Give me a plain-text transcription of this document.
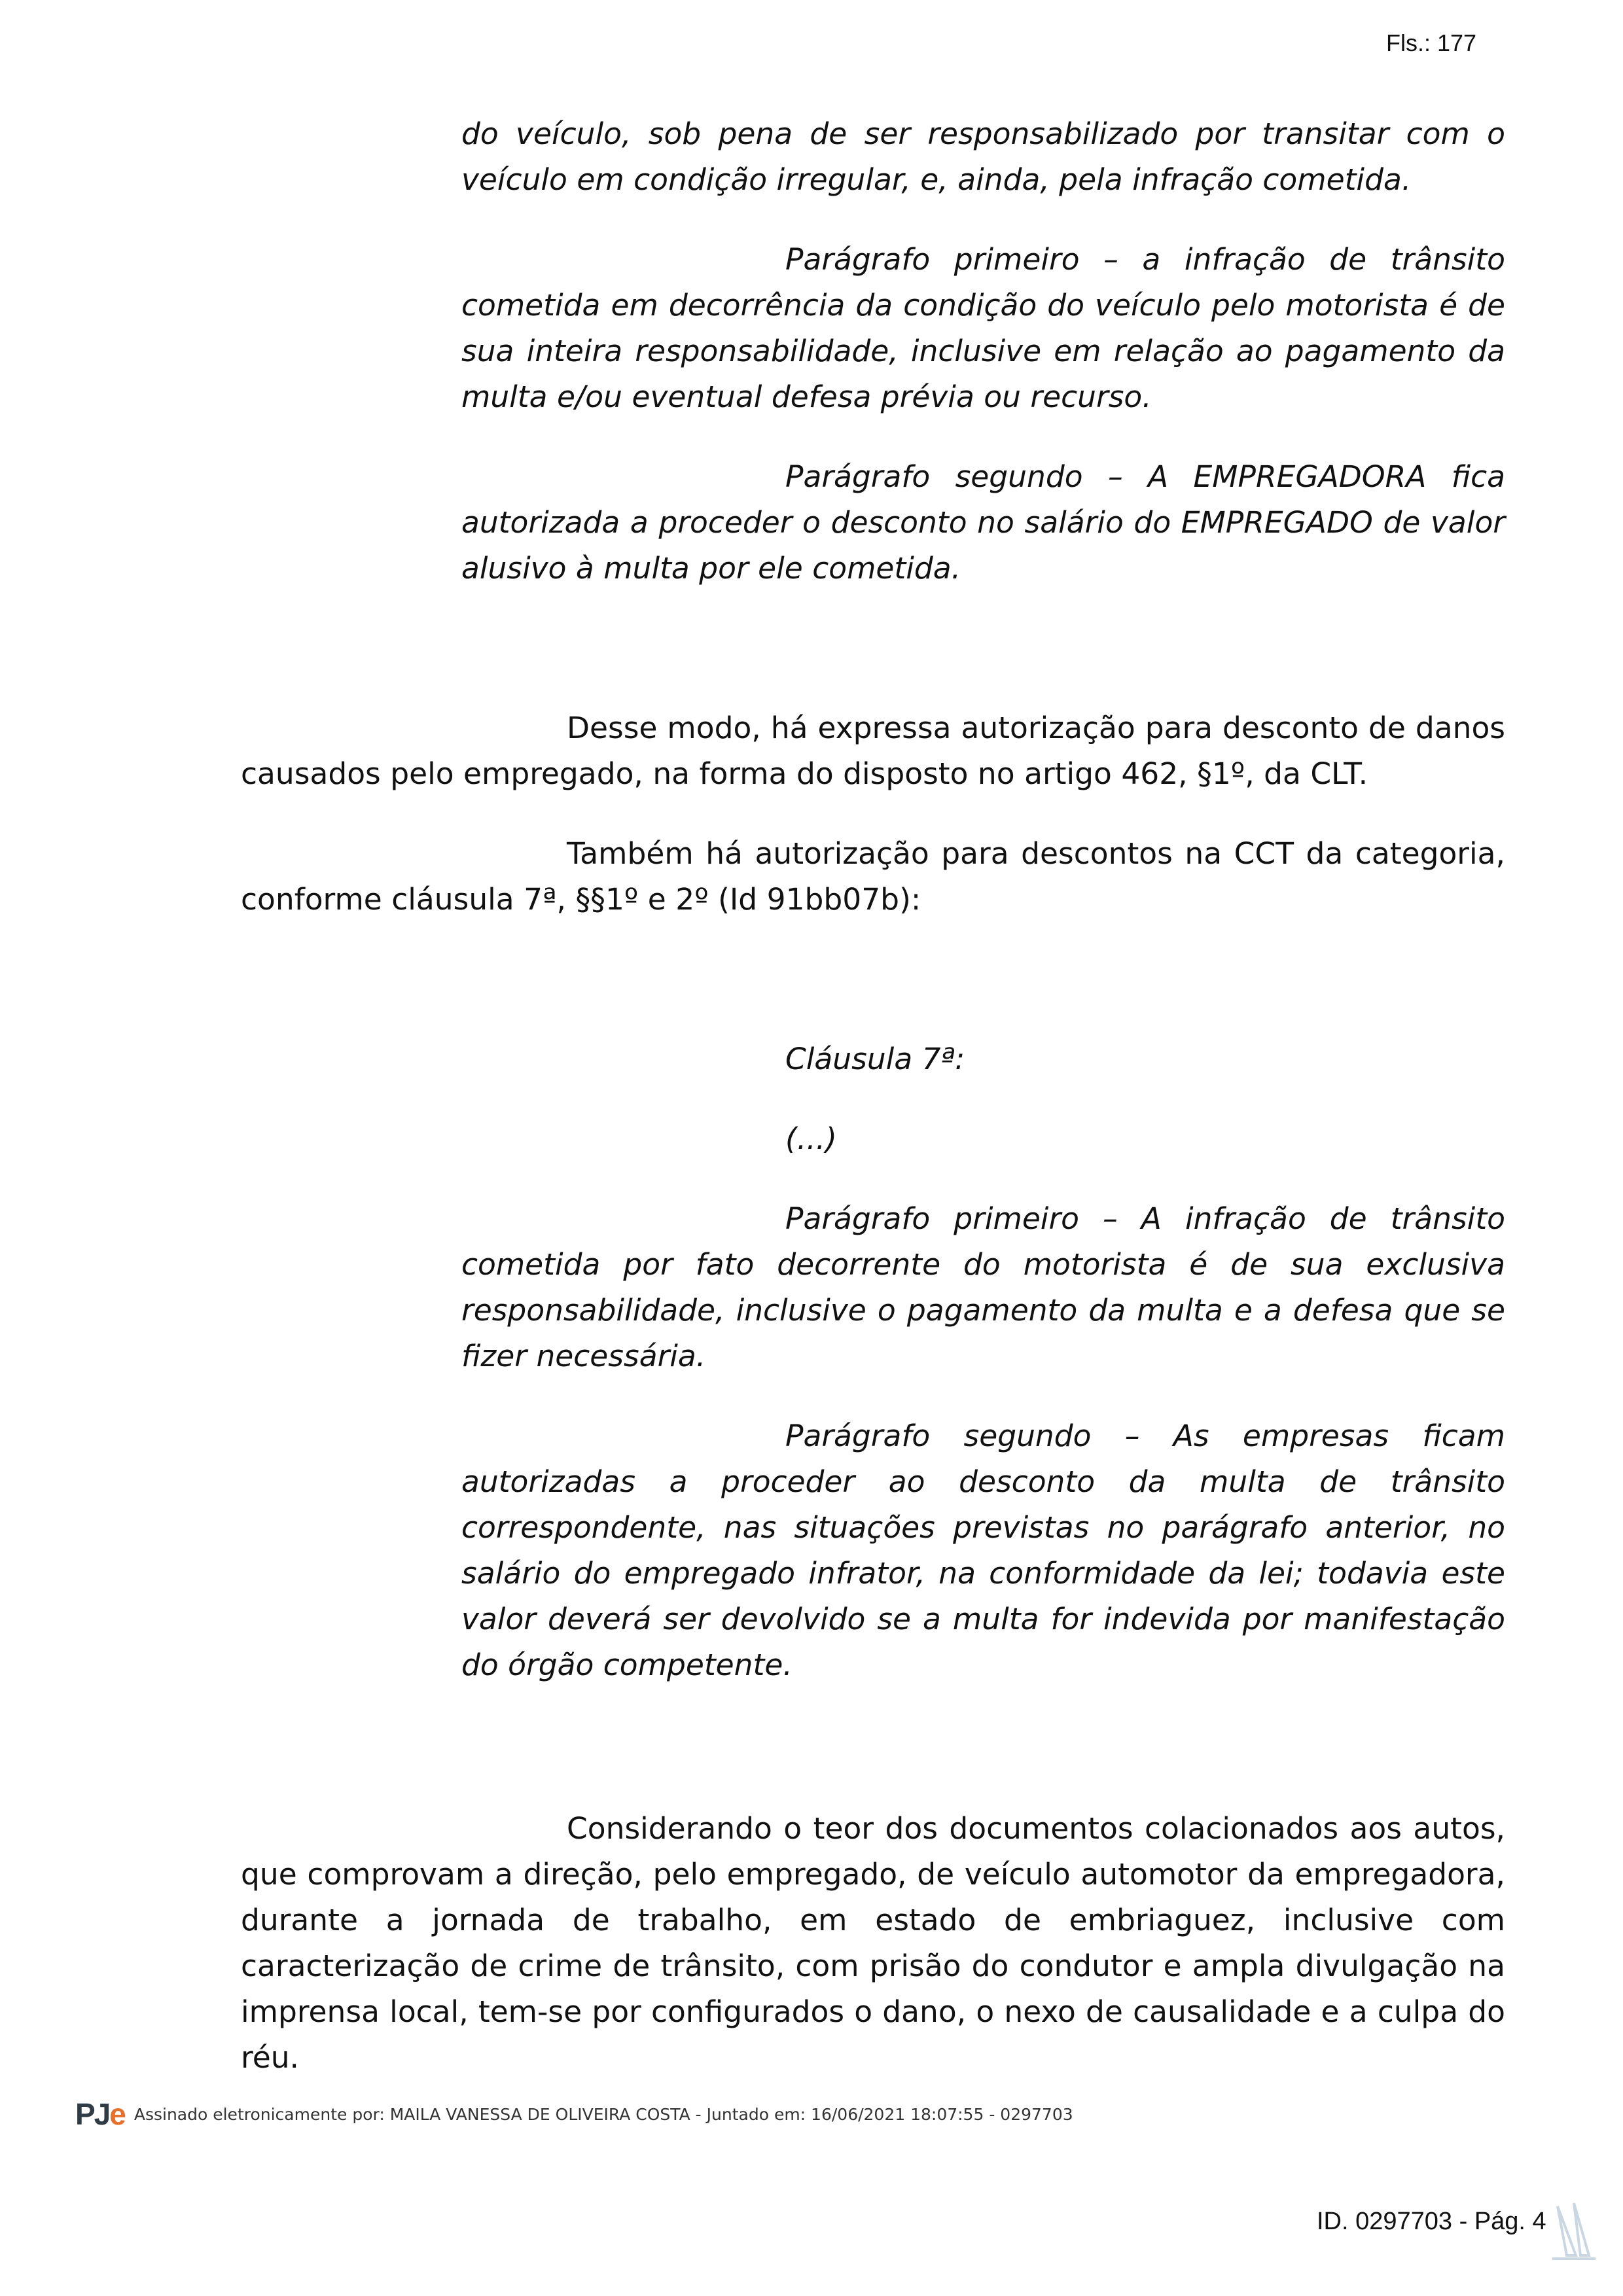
Fls.: 177

do veículo, sob pena de ser responsabilizado por transitar com o veículo em condição irregular, e, ainda, pela infração cometida.

Parágrafo primeiro – a infração de trânsito cometida em decorrência da condição do veículo pelo motorista é de sua inteira responsabilidade, inclusive em relação ao pagamento da multa e/ou eventual defesa prévia ou recurso.

Parágrafo segundo – A EMPREGADORA fica autorizada a proceder o desconto no salário do EMPREGADO de valor alusivo à multa por ele cometida.

Desse modo, há expressa autorização para desconto de danos causados pelo empregado, na forma do disposto no artigo 462, §1º, da CLT.

Também há autorização para descontos na CCT da categoria, conforme cláusula 7ª, §§1º e 2º (Id 91bb07b):

Cláusula 7ª:

(...)

Parágrafo primeiro – A infração de trânsito cometida por fato decorrente do motorista é de sua exclusiva responsabilidade, inclusive o pagamento da multa e a defesa que se fizer necessária.

Parágrafo segundo – As empresas ficam autorizadas a proceder ao desconto da multa de trânsito correspondente, nas situações previstas no parágrafo anterior, no salário do empregado infrator, na conformidade da lei; todavia este valor deverá ser devolvido se a multa for indevida por manifestação do órgão competente.

Considerando o teor dos documentos colacionados aos autos, que comprovam a direção, pelo empregado, de veículo automotor da empregadora, durante a jornada de trabalho, em estado de embriaguez, inclusive com caracterização de crime de trânsito, com prisão do condutor e ampla divulgação na imprensa local, tem-se por configurados o dano, o nexo de causalidade e a culpa do réu.

PJe Assinado eletronicamente por: MAILA VANESSA DE OLIVEIRA COSTA - Juntado em: 16/06/2021 18:07:55 - 0297703
ID. 0297703 - Pág. 4
